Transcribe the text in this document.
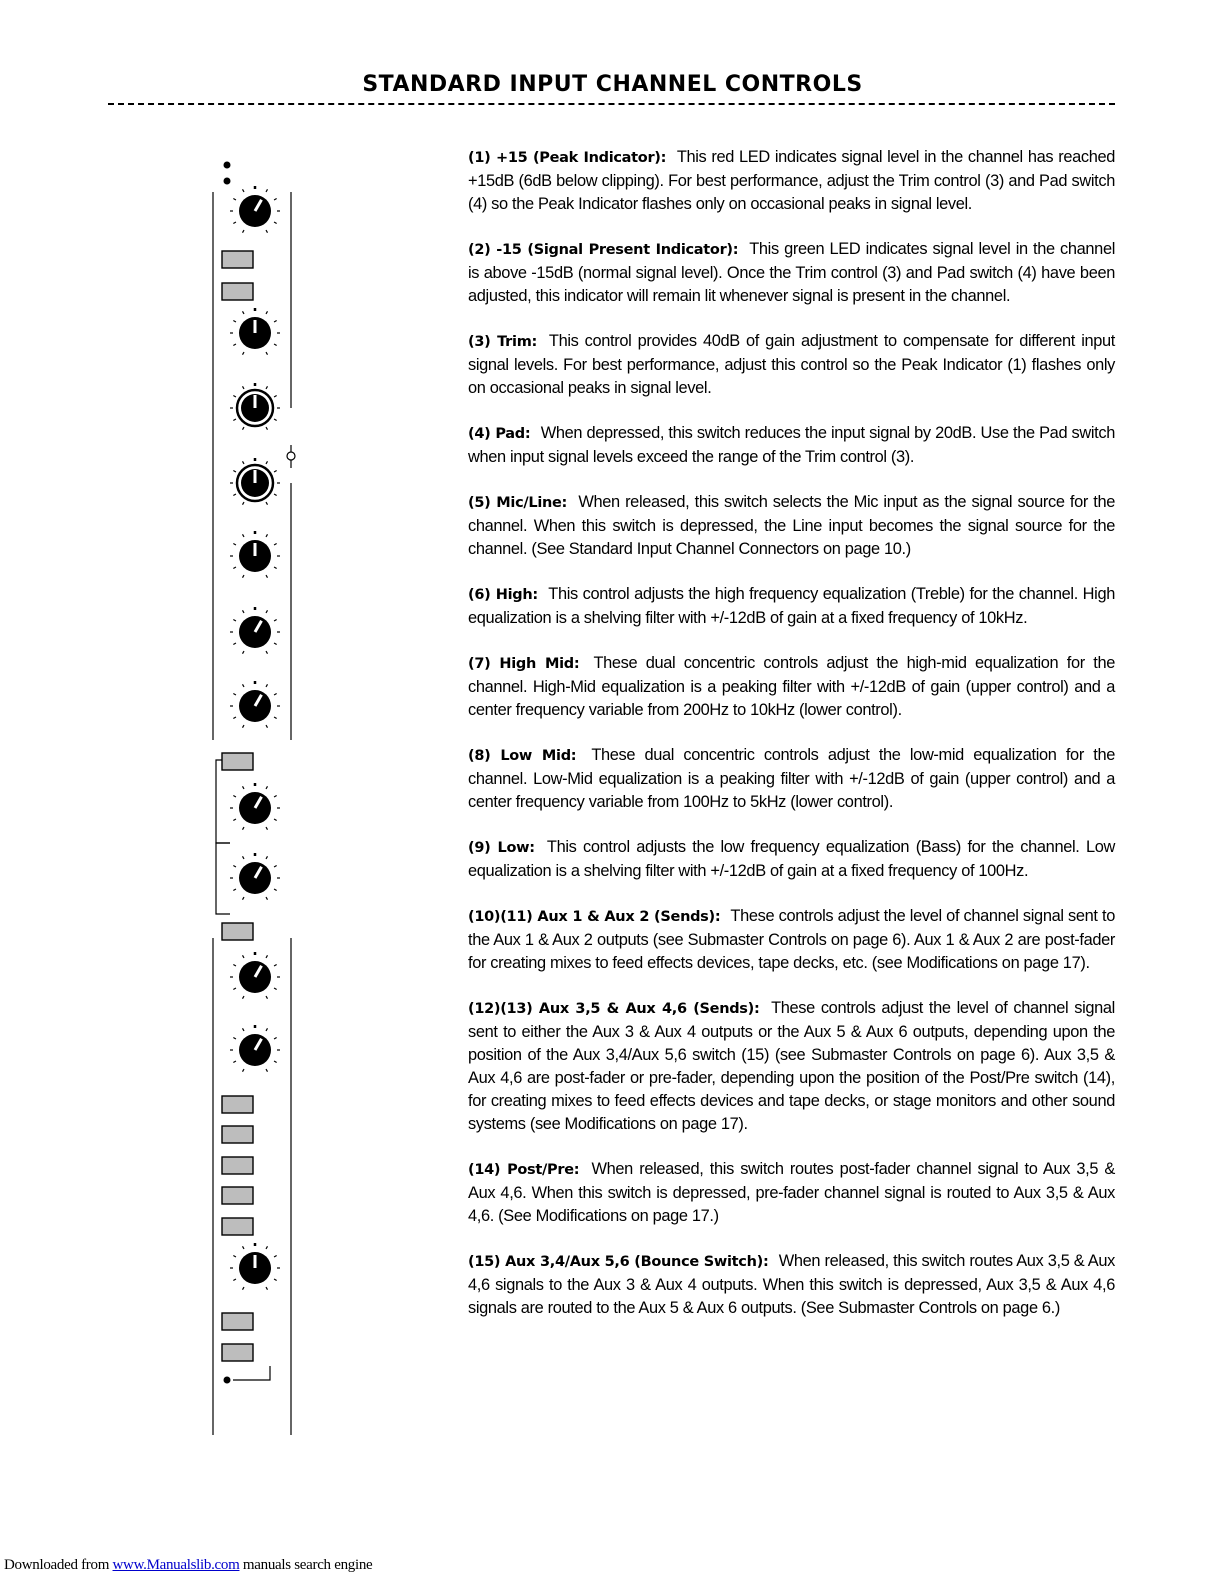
STANDARD INPUT CHANNEL CONTROLS

(1) +15 (Peak Indicator): This red LED indicates signal level in the channel has reached +15dB (6dB below clipping). For best performance, adjust the Trim control (3) and Pad switch (4) so the Peak Indicator flashes only on occasional peaks in signal level.

(2) -15 (Signal Present Indicator): This green LED indicates signal level in the channel is above -15dB (normal signal level). Once the Trim control (3) and Pad switch (4) have been adjusted, this indicator will remain lit whenever signal is present in the channel.

(3) Trim: This control provides 40dB of gain adjustment to compensate for different input signal levels. For best performance, adjust this control so the Peak Indicator (1) flashes only on occasional peaks in signal level.

(4) Pad: When depressed, this switch reduces the input signal by 20dB. Use the Pad switch when input signal levels exceed the range of the Trim control (3).

(5) Mic/Line: When released, this switch selects the Mic input as the signal source for the channel. When this switch is depressed, the Line input becomes the signal source for the channel. (See Standard Input Channel Connectors on page 10.)

(6) High: This control adjusts the high frequency equalization (Treble) for the channel. High equalization is a shelving filter with +/-12dB of gain at a fixed frequency of 10kHz.

(7) High Mid: These dual concentric controls adjust the high-mid equalization for the channel. High-Mid equalization is a peaking filter with +/-12dB of gain (upper control) and a center frequency variable from 200Hz to 10kHz (lower control).

(8) Low Mid: These dual concentric controls adjust the low-mid equalization for the channel. Low-Mid equalization is a peaking filter with +/-12dB of gain (upper control) and a center frequency variable from 100Hz to 5kHz (lower control).

(9) Low: This control adjusts the low frequency equalization (Bass) for the channel. Low equalization is a shelving filter with +/-12dB of gain at a fixed frequency of 100Hz.

(10)(11) Aux 1 & Aux 2 (Sends): These controls adjust the level of channel signal sent to the Aux 1 & Aux 2 outputs (see Submaster Controls on page 6). Aux 1 & Aux 2 are post-fader for creating mixes to feed effects devices, tape decks, etc. (see Modifications on page 17).

(12)(13) Aux 3,5 & Aux 4,6 (Sends): These controls adjust the level of channel signal sent to either the Aux 3 & Aux 4 outputs or the Aux 5 & Aux 6 outputs, depending upon the position of the Aux 3,4/Aux 5,6 switch (15) (see Submaster Controls on page 6). Aux 3,5 & Aux 4,6 are post-fader or pre-fader, depending upon the position of the Post/Pre switch (14), for creating mixes to feed effects devices and tape decks, or stage monitors and other sound systems (see Modifications on page 17).

(14) Post/Pre: When released, this switch routes post-fader channel signal to Aux 3,5 & Aux 4,6. When this switch is depressed, pre-fader channel signal is routed to Aux 3,5 & Aux 4,6. (See Modifications on page 17.)

(15) Aux 3,4/Aux 5,6 (Bounce Switch): When released, this switch routes Aux 3,5 & Aux 4,6 signals to the Aux 3 & Aux 4 outputs. When this switch is depressed, Aux 3,5 & Aux 4,6 signals are routed to the Aux 5 & Aux 6 outputs. (See Submaster Controls on page 6.)

Downloaded from www.Manualslib.com manuals search engine
